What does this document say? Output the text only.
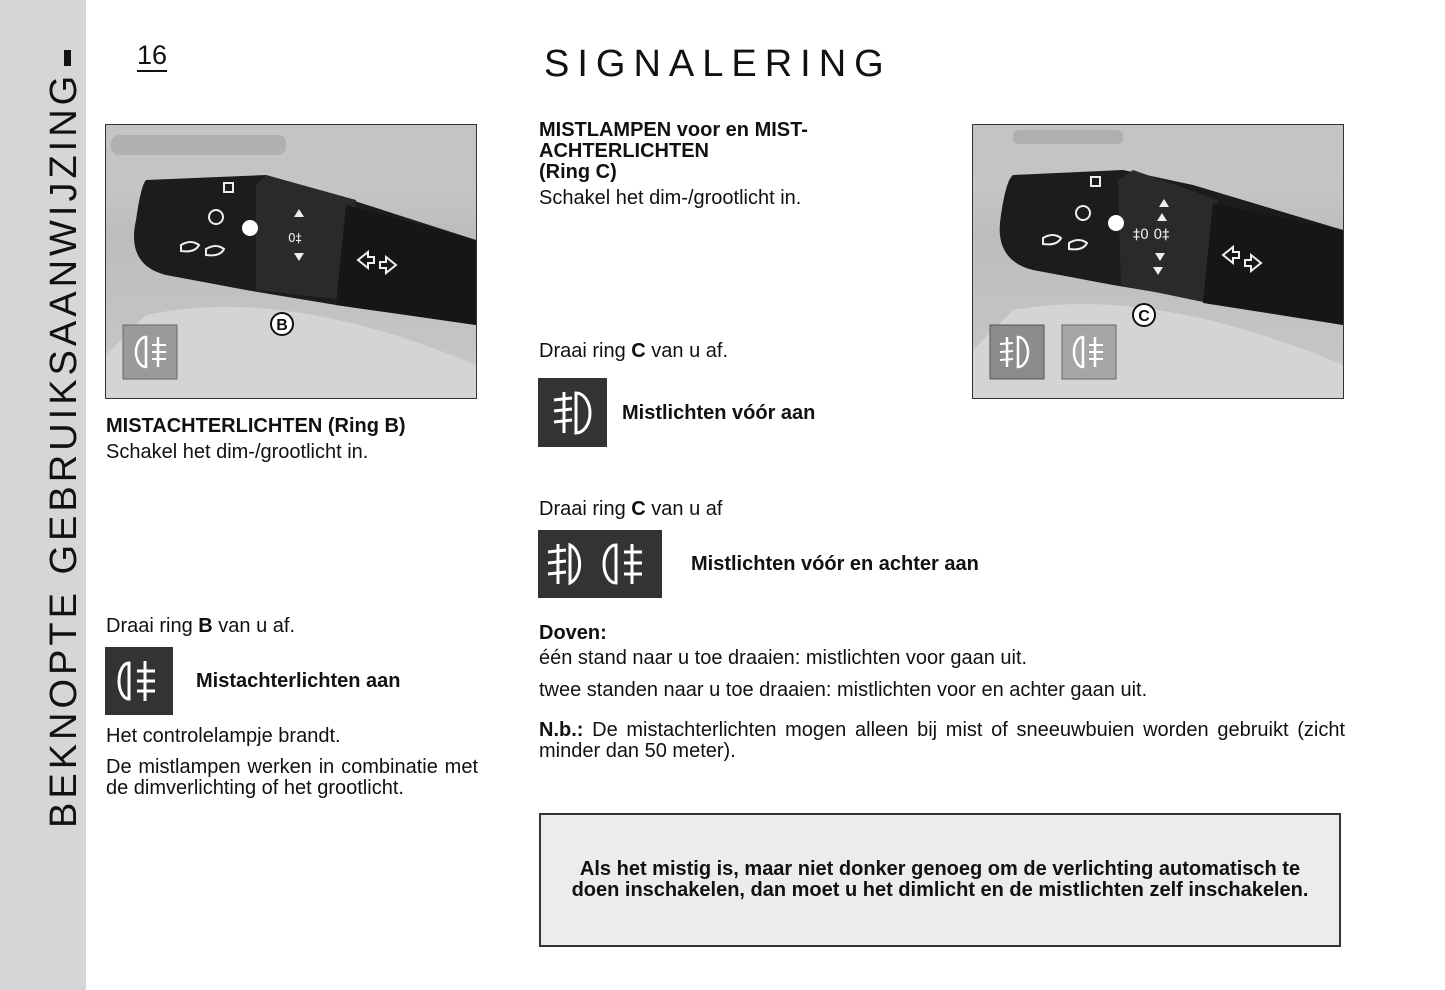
BEKNOPTE GEBRUIKSAANWIJZING
16	SIGNALERING
0‡
B
MISTACHTERLICHTEN (Ring B)
Schakel het dim-/grootlicht in.
Draai ring B van u af.
Mistachterlichten aan
Het controlelampje brandt.
De mistlampen werken in combinatie met de dimverlichting of het grootlicht.
MISTLAMPEN voor en MIST-
ACHTERLICHTEN
(Ring C)
Schakel het dim-/grootlicht in.
Draai ring C van u af.
Mistlichten vóór aan
Draai ring C van u af
Mistlichten vóór en achter aan
Doven:
één stand naar u toe draaien: mistlichten voor gaan uit.
twee standen naar u toe draaien: mistlichten voor en achter gaan uit.
N.b.: De mistachterlichten mogen alleen bij mist of sneeuwbuien worden gebruikt (zicht minder dan 50 meter).
‡0 0‡
C

Als het mistig is, maar niet donker genoeg om de verlichting automatisch te doen inschakelen, dan moet u het dimlicht en de mistlichten zelf inschakelen.
